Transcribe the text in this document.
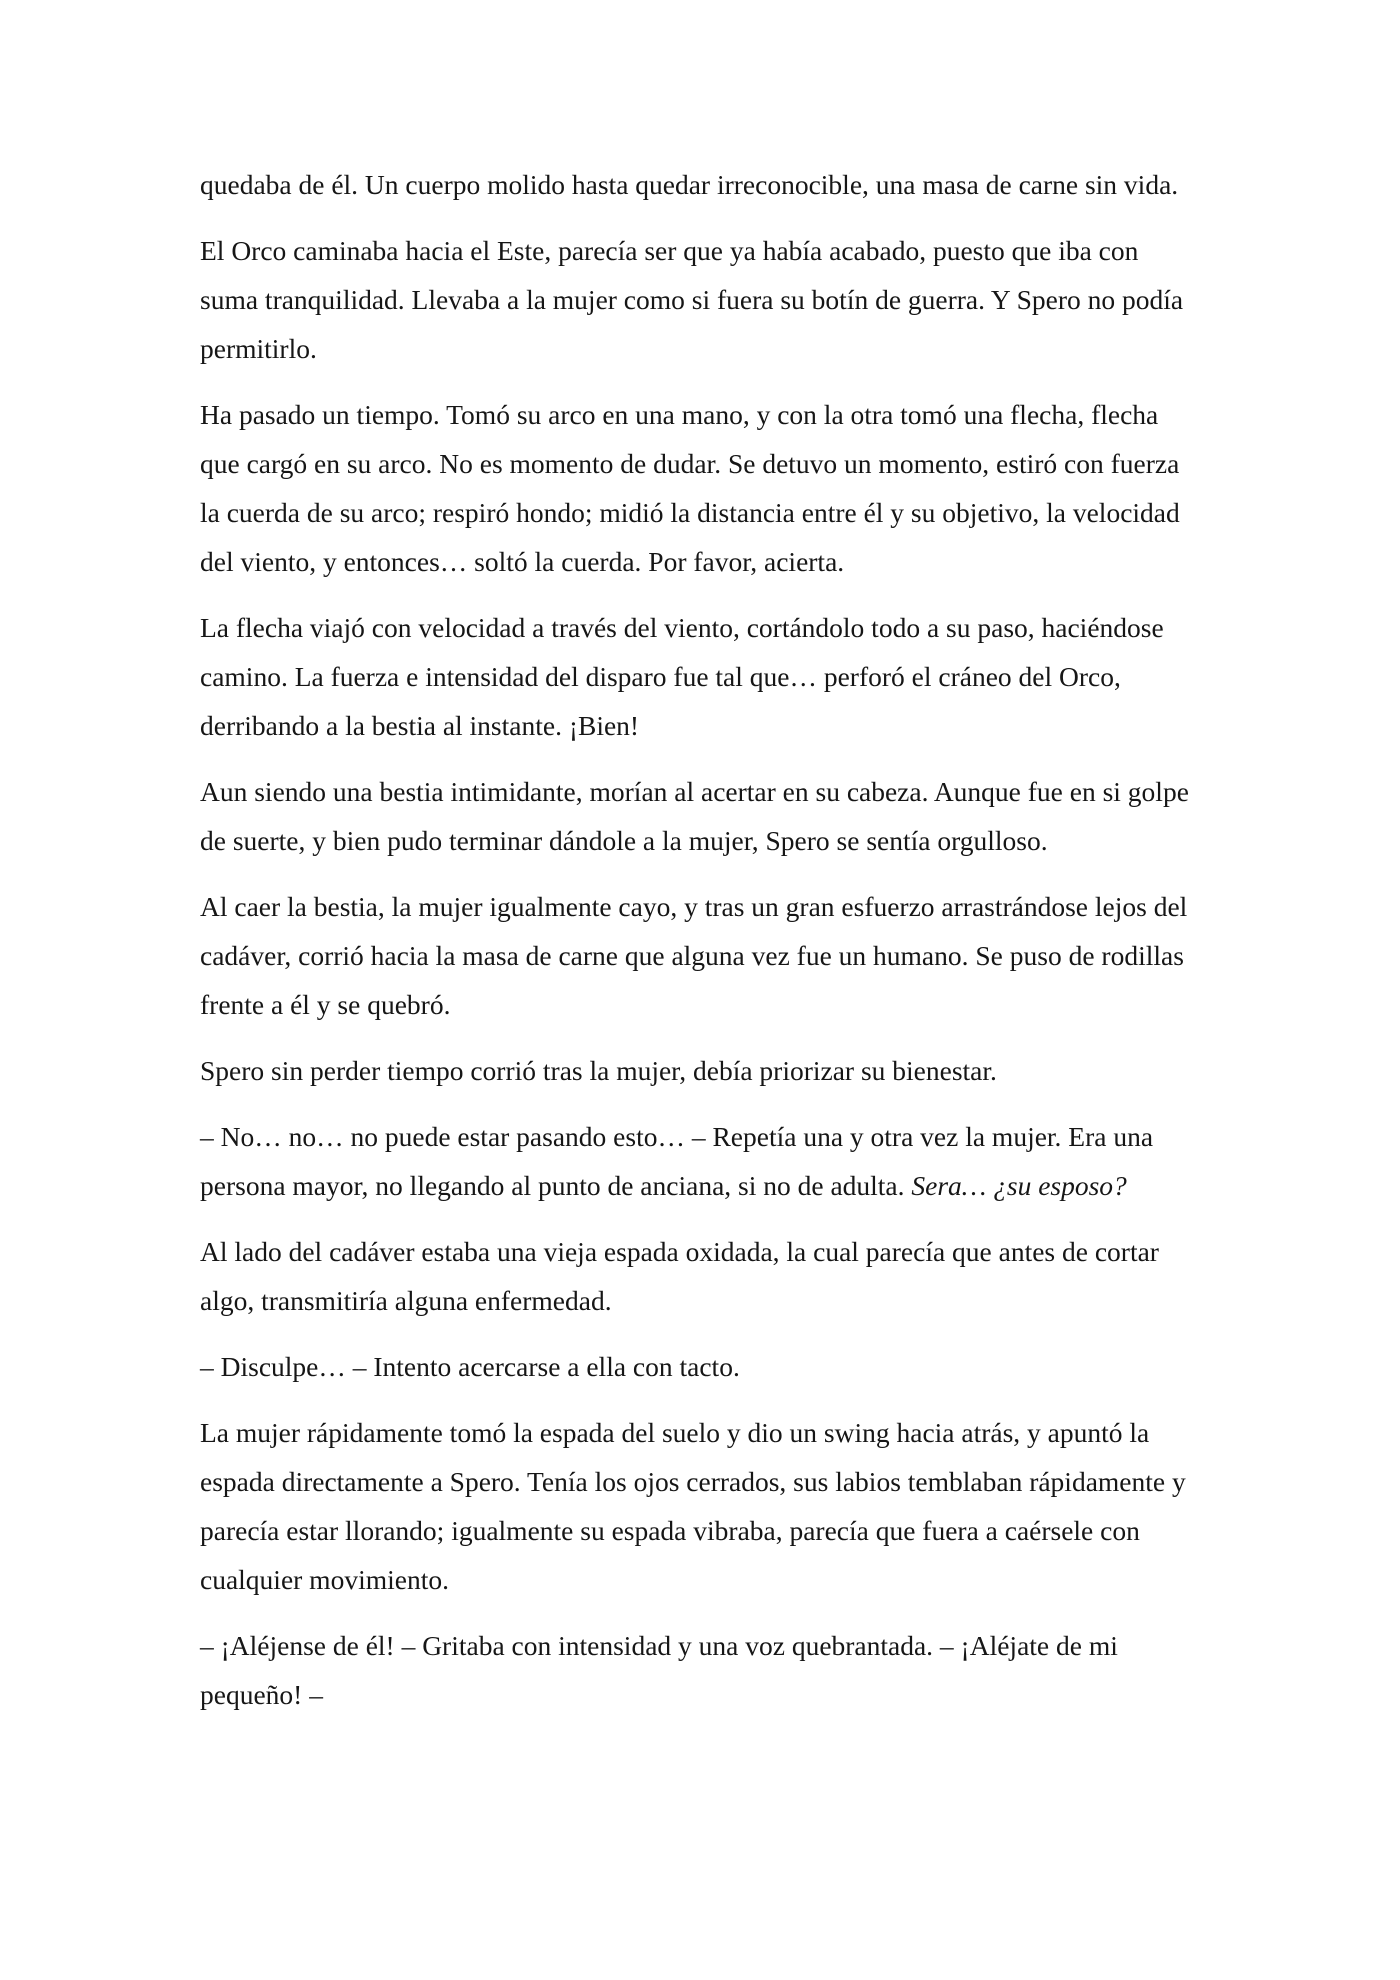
quedaba de él. Un cuerpo molido hasta quedar irreconocible, una masa de carne sin vida.

El Orco caminaba hacia el Este, parecía ser que ya había acabado, puesto que iba con suma tranquilidad. Llevaba a la mujer como si fuera su botín de guerra. Y Spero no podía permitirlo.

Ha pasado un tiempo. Tomó su arco en una mano, y con la otra tomó una flecha, flecha que cargó en su arco. No es momento de dudar. Se detuvo un momento, estiró con fuerza la cuerda de su arco; respiró hondo; midió la distancia entre él y su objetivo, la velocidad del viento, y entonces… soltó la cuerda. Por favor, acierta.

La flecha viajó con velocidad a través del viento, cortándolo todo a su paso, haciéndose camino. La fuerza e intensidad del disparo fue tal que… perforó el cráneo del Orco, derribando a la bestia al instante. ¡Bien!

Aun siendo una bestia intimidante, morían al acertar en su cabeza. Aunque fue en si golpe de suerte, y bien pudo terminar dándole a la mujer, Spero se sentía orgulloso.

Al caer la bestia, la mujer igualmente cayo, y tras un gran esfuerzo arrastrándose lejos del cadáver, corrió hacia la masa de carne que alguna vez fue un humano. Se puso de rodillas frente a él y se quebró.

Spero sin perder tiempo corrió tras la mujer, debía priorizar su bienestar.

– No… no… no puede estar pasando esto… – Repetía una y otra vez la mujer. Era una persona mayor, no llegando al punto de anciana, si no de adulta. Sera… ¿su esposo?

Al lado del cadáver estaba una vieja espada oxidada, la cual parecía que antes de cortar algo, transmitiría alguna enfermedad.

– Disculpe… – Intento acercarse a ella con tacto.

La mujer rápidamente tomó la espada del suelo y dio un swing hacia atrás, y apuntó la espada directamente a Spero. Tenía los ojos cerrados, sus labios temblaban rápidamente y parecía estar llorando; igualmente su espada vibraba, parecía que fuera a caérsele con cualquier movimiento.

– ¡Aléjense de él! – Gritaba con intensidad y una voz quebrantada. – ¡Aléjate de mi pequeño! –
